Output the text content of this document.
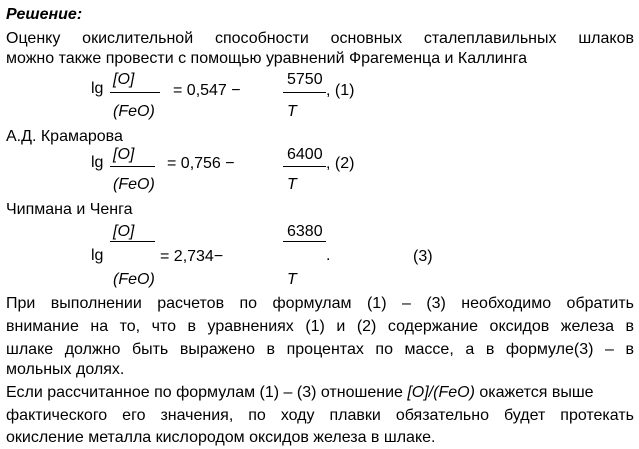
Решение:
Оценку окислительной способности основных сталеплавильных шлаков
можно также провести с помощью уравнений Фрагеменца и Каллинга
lg
[O]
(FeO)
= 0,547 −
5750
T
, (1)
А.Д. Крамарова
lg [O]
(FeO)
= 0,756 −
6400
T
, (2)
Чипмана и Ченга
[O]
lg	= 2,734−
6380
.	(3)
(FeO)	T
При выполнении расчетов по формулам (1) – (3) необходимо обратить
внимание на то, что в уравнениях (1) и (2) содержание оксидов железа в
шлаке должно быть выражено в процентах по массе, а в формуле(3) – в
мольных долях.
Если рассчитанное по формулам (1) – (3) отношение [O]/(FeO) окажется выше
фактического его значения, по ходу плавки обязательно будет протекать
окисление металла кислородом оксидов железа в шлаке.
